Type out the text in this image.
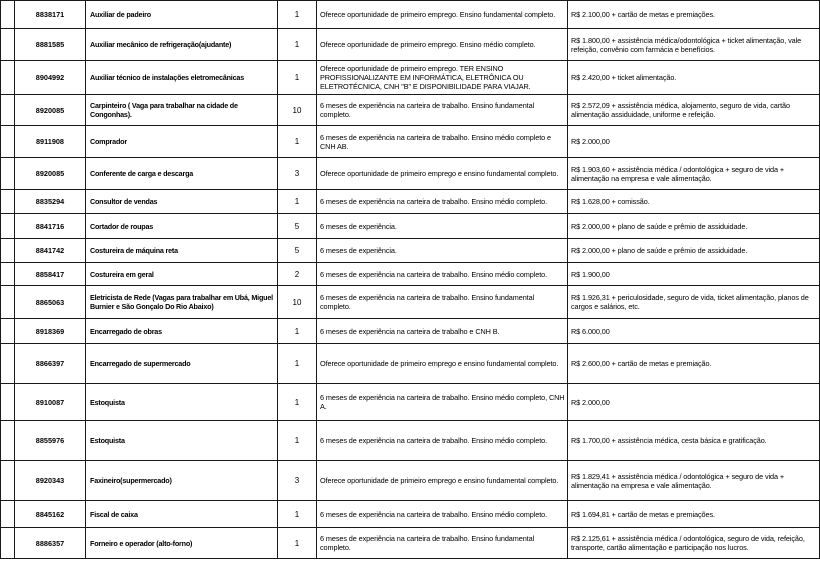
	8838171	Auxiliar de padeiro	1	Oferece oportunidade de primeiro emprego. Ensino fundamental completo.	R$ 2.100,00 + cartão de metas e premiações.
	8881585	Auxiliar mecânico de refrigeração(ajudante)	1	Oferece oportunidade de primeiro emprego. Ensino médio completo.	R$ 1.800,00 + assistência médica/odontológica + ticket alimentação, vale refeição, convênio com farmácia e benefícios.
	8904992	Auxiliar técnico de instalações eletromecânicas	1	Oferece oportunidade de primeiro emprego. TER ENSINO PROFISSIONALIZANTE EM INFORMÁTICA, ELETRÔNICA OU ELETROTÉCNICA, CNH "B" E DISPONIBILIDADE PARA VIAJAR.	R$ 2.420,00 + ticket alimentação.
	8920085	Carpinteiro ( Vaga para trabalhar na cidade de Congonhas).	10	6 meses de experiência na carteira de trabalho. Ensino fundamental completo.	R$ 2.572,09 + assistência médica, alojamento, seguro de vida, cartão alimentação assiduidade, uniforme e refeição.
	8911908	Comprador	1	6 meses de experiência na carteira de trabalho. Ensino médio completo e CNH AB.	R$ 2.000,00
	8920085	Conferente de carga e descarga	3	Oferece oportunidade de primeiro emprego e ensino fundamental completo.	R$ 1.903,60 + assistência médica / odontológica + seguro de vida + alimentação na empresa e vale alimentação.
	8835294	Consultor de vendas	1	6 meses de experiência na carteira de trabalho. Ensino médio completo.	R$ 1.628,00 + comissão.
	8841716	Cortador de roupas	5	6 meses de experiência.	R$ 2.000,00 + plano de saúde e prêmio de assiduidade.
	8841742	Costureira de máquina reta	5	6 meses de experiência.	R$ 2.000,00 + plano de saúde e prêmio de assiduidade.
	8858417	Costureira em geral	2	6 meses de experiência na carteira de trabalho. Ensino médio completo.	R$ 1.900,00
	8865063	Eletricista de Rede (Vagas para trabalhar em Ubá, Miguel Burnier e São Gonçalo Do Rio Abaixo)	10	6 meses de experiência na carteira de trabalho. Ensino fundamental completo.	R$ 1.926,31 + periculosidade, seguro de vida, ticket alimentação, planos de cargos e salários, etc.
	8918369	Encarregado de obras	1	6 meses de experiência na carteira de trabalho e CNH B.	R$ 6.000,00
	8866397	Encarregado de supermercado	1	Oferece oportunidade de primeiro emprego e ensino fundamental completo.	R$ 2.600,00 + cartão de metas e premiação.
	8910087	Estoquista	1	6 meses de experiência na carteira de trabalho. Ensino médio completo, CNH A.	R$ 2.000,00
	8855976	Estoquista	1	6 meses de experiência na carteira de trabalho. Ensino médio completo.	R$ 1.700,00 + assistência médica, cesta básica e gratificação.
	8920343	Faxineiro(supermercado)	3	Oferece oportunidade de primeiro emprego e ensino fundamental completo.	R$ 1.829,41 + assistência médica / odontológica + seguro de vida + alimentação na empresa e vale alimentação.
	8845162	Fiscal de caixa	1	6 meses de experiência na carteira de trabalho. Ensino médio completo.	R$ 1.694,81 + cartão de metas e premiações.
	8886357	Forneiro e operador (alto-forno)	1	6 meses de experiência na carteira de trabalho. Ensino fundamental completo.	R$ 2.125,61 + assistência médica / odontológica, seguro de vida, refeição, transporte, cartão alimentação e participação nos lucros.
